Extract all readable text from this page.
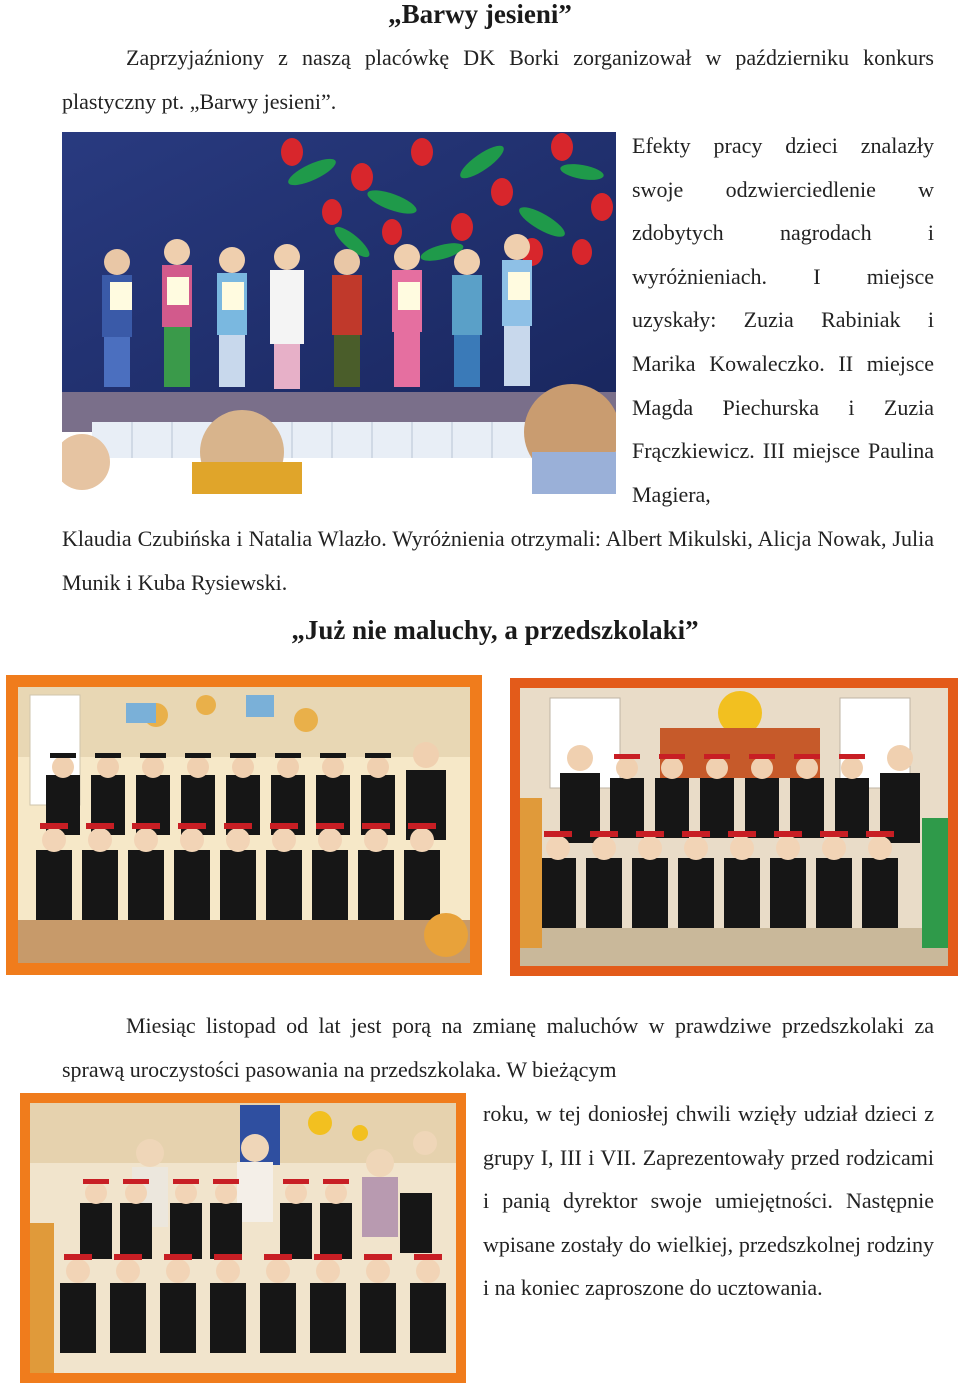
„Barwy jesieni”

Zaprzyjaźniony z naszą placówkę DK Borki zorganizował w październiku konkurs plastyczny pt. „Barwy jesieni”.

Efekty pracy dzieci znalazły swoje odzwierciedlenie w zdobytych nagrodach i wyróżnieniach. I miejsce uzyskały: Zuzia Rabiniak i Marika Kowaleczko. II miejsce Magda Piechurska i Zuzia Frączkiewicz. III miejsce Paulina Magiera,

Klaudia Czubińska i Natalia Wlazło. Wyróżnienia otrzymali: Albert Mikulski, Alicja Nowak, Julia Munik i Kuba Rysiewski.

„Już nie maluchy, a przedszkolaki”

Miesiąc listopad od lat jest porą na zmianę maluchów w prawdziwe przedszkolaki za sprawą uroczystości pasowania na przedszkolaka. W bieżącym

roku, w tej doniosłej chwili wzięły udział dzieci z grupy I, III i VII. Zaprezentowały przed rodzicami i panią dyrektor swoje umiejętności. Następnie wpisane zostały do wielkiej, przedszkolnej rodziny i na koniec zaproszone do ucztowania.
